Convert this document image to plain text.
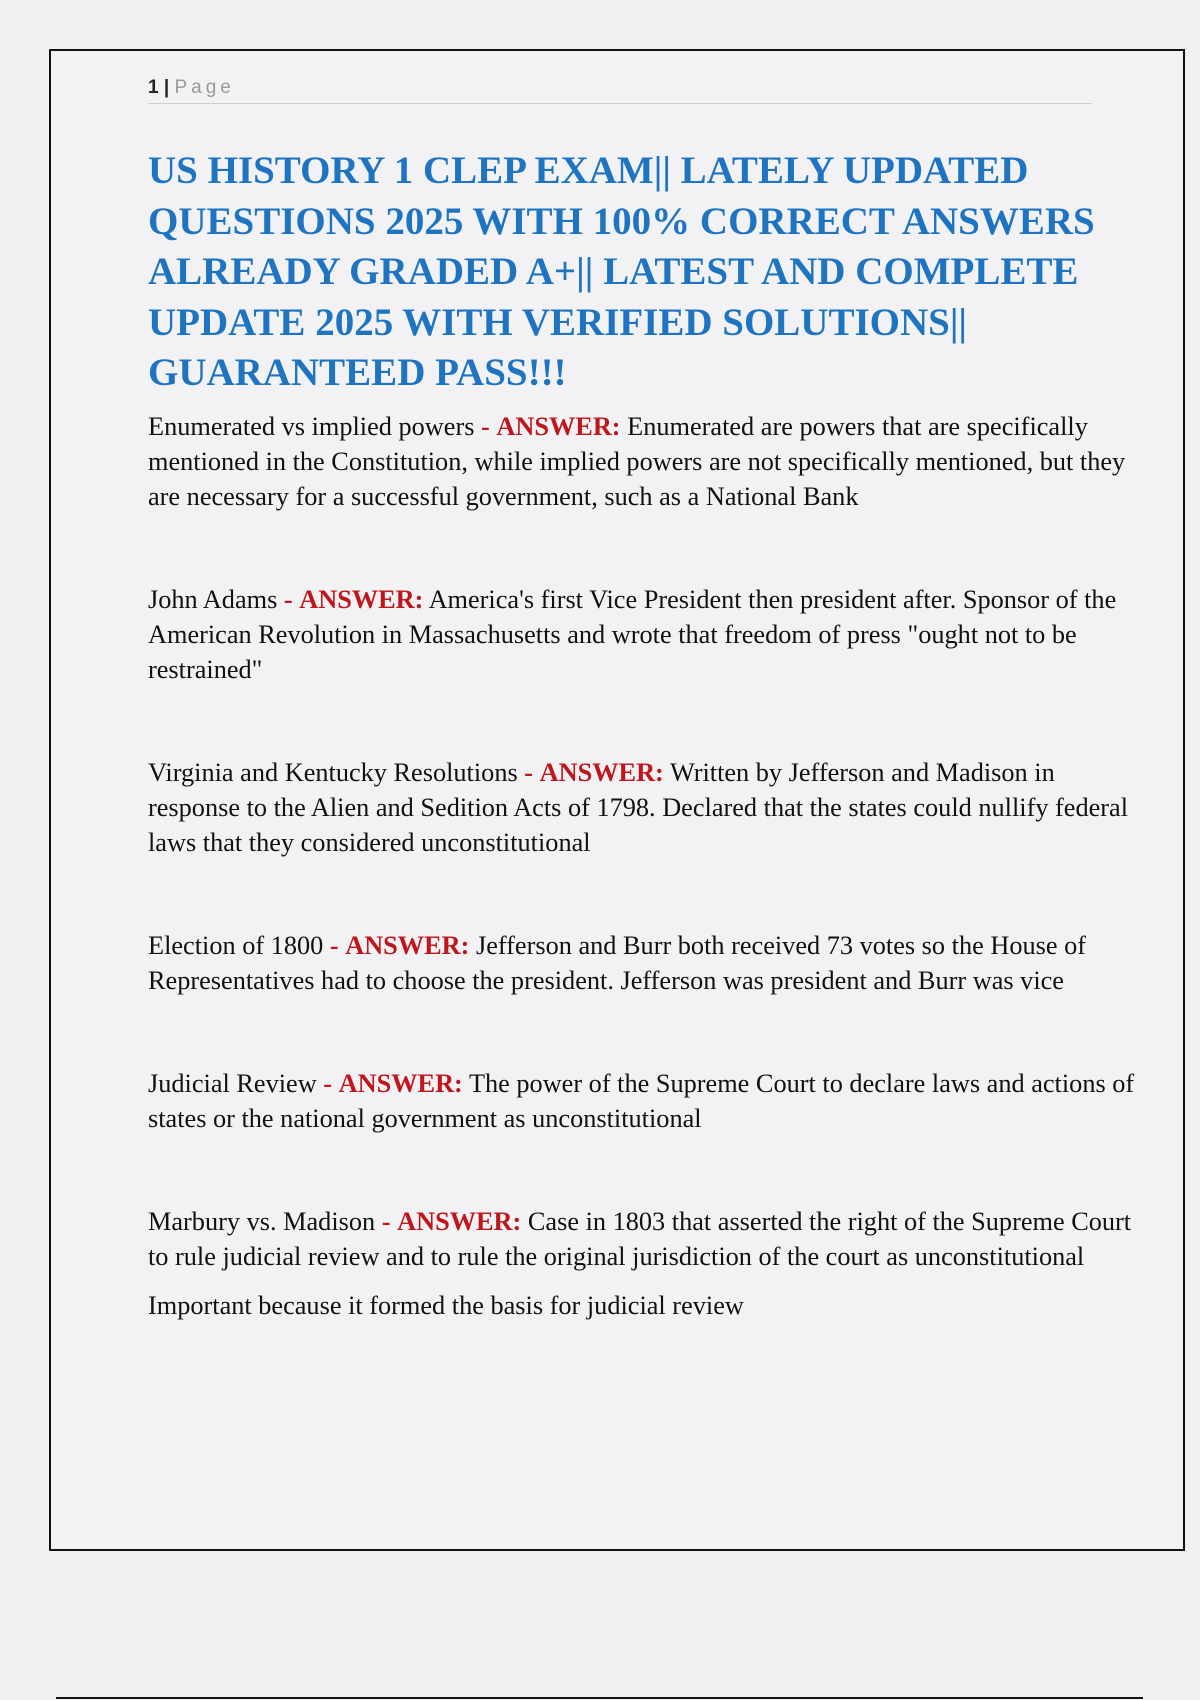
1 | Page
US HISTORY 1 CLEP EXAM|| LATELY UPDATED QUESTIONS 2025 WITH 100% CORRECT ANSWERS ALREADY GRADED A+|| LATEST AND COMPLETE UPDATE 2025 WITH VERIFIED SOLUTIONS|| GUARANTEED PASS!!!

Enumerated vs implied powers - ANSWER: Enumerated are powers that are specifically mentioned in the Constitution, while implied powers are not specifically mentioned, but they are necessary for a successful government, such as a National Bank

John Adams - ANSWER: America's first Vice President then president after. Sponsor of the American Revolution in Massachusetts and wrote that freedom of press "ought not to be restrained"

Virginia and Kentucky Resolutions - ANSWER: Written by Jefferson and Madison in response to the Alien and Sedition Acts of 1798. Declared that the states could nullify federal laws that they considered unconstitutional

Election of 1800 - ANSWER: Jefferson and Burr both received 73 votes so the House of Representatives had to choose the president. Jefferson was president and Burr was vice

Judicial Review - ANSWER: The power of the Supreme Court to declare laws and actions of states or the national government as unconstitutional

Marbury vs. Madison - ANSWER: Case in 1803 that asserted the right of the Supreme Court to rule judicial review and to rule the original jurisdiction of the court as unconstitutional

Important because it formed the basis for judicial review
